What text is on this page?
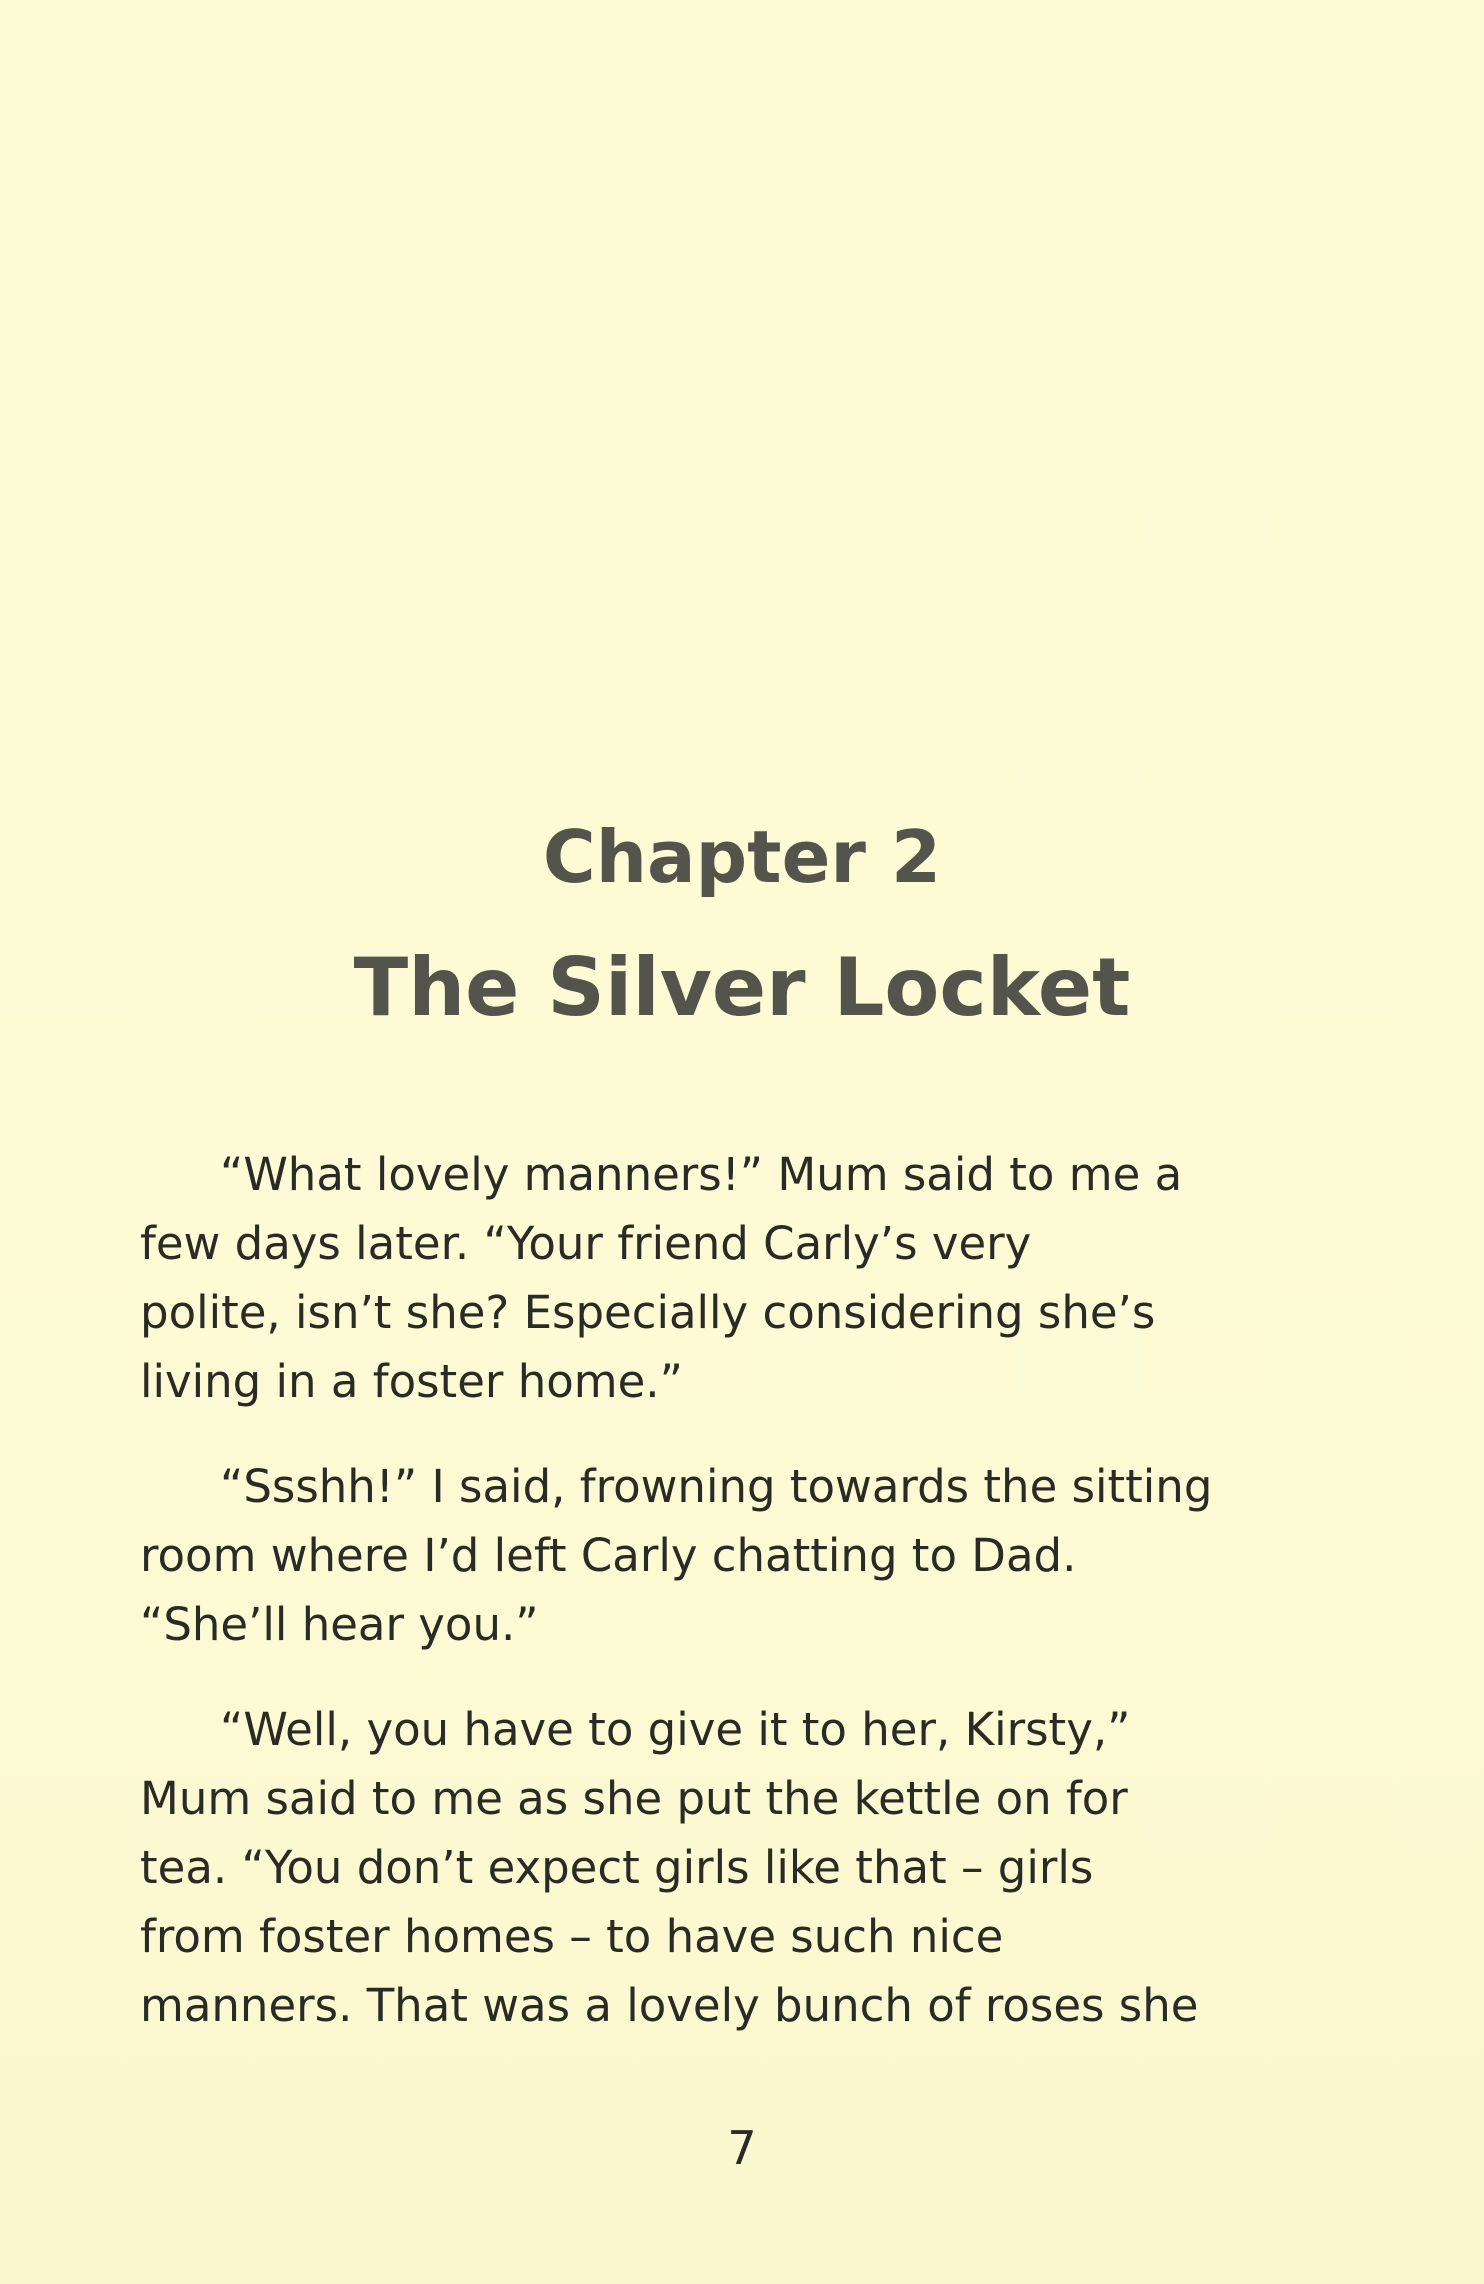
Chapter 2
The Silver Locket

“What lovely manners!” Mum said to me a
few days later. “Your friend Carly’s very
polite, isn’t she? Especially considering she’s
living in a foster home.”

“Ssshh!” I said, frowning towards the sitting
room where I’d left Carly chatting to Dad.
“She’ll hear you.”

“Well, you have to give it to her, Kirsty,”
Mum said to me as she put the kettle on for
tea. “You don’t expect girls like that – girls
from foster homes – to have such nice
manners. That was a lovely bunch of roses she

7
